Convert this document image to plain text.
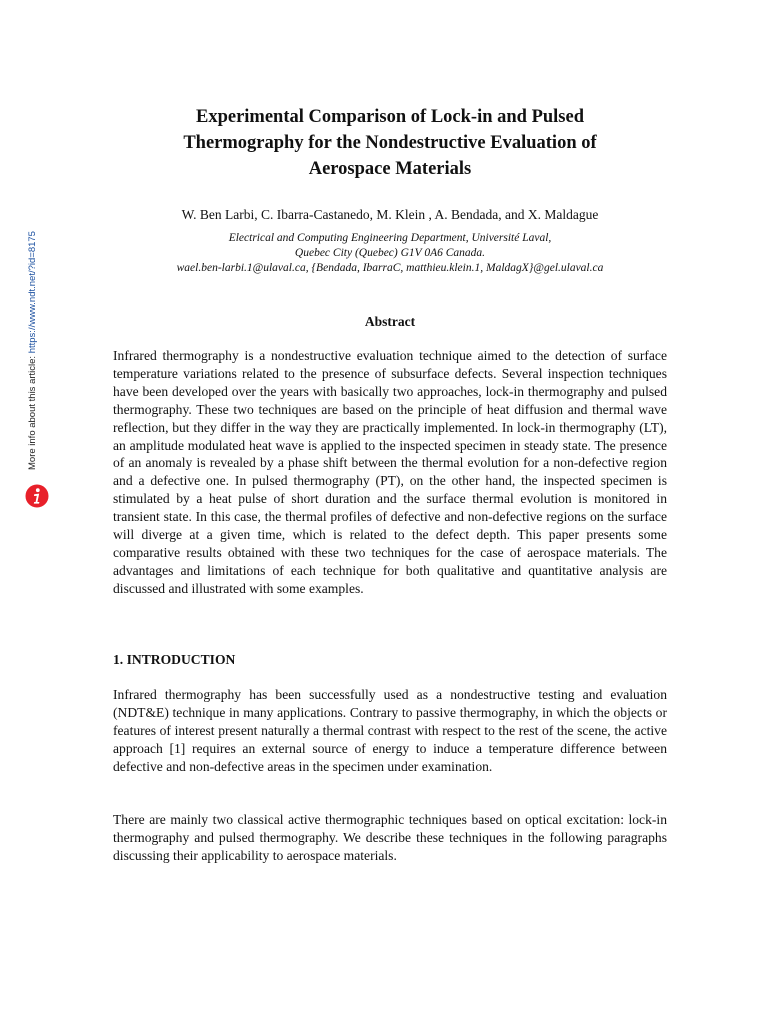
More info about this article: https://www.ndt.net/?id=8175
Experimental Comparison of Lock-in and Pulsed
Thermography for the Nondestructive Evaluation of
Aerospace Materials
W. Ben Larbi, C. Ibarra-Castanedo, M. Klein , A. Bendada, and X. Maldague
Electrical and Computing Engineering Department, Université Laval,
Quebec City (Quebec) G1V 0A6 Canada.
wael.ben-larbi.1@ulaval.ca, {Bendada, IbarraC, matthieu.klein.1, MaldagX}@gel.ulaval.ca
Abstract

Infrared thermography is a nondestructive evaluation technique aimed to the detection of surface temperature variations related to the presence of subsurface defects. Several inspection techniques have been developed over the years with basically two approaches, lock-in thermography and pulsed thermography. These two techniques are based on the principle of heat diffusion and thermal wave reflection, but they differ in the way they are practically implemented. In lock-in thermography (LT), an amplitude modulated heat wave is applied to the inspected specimen in steady state. The presence of an anomaly is revealed by a phase shift between the thermal evolution for a non-defective region and a defective one. In pulsed thermography (PT), on the other hand, the inspected specimen is stimulated by a heat pulse of short duration and the surface thermal evolution is monitored in transient state. In this case, the thermal profiles of defective and non-defective regions on the surface will diverge at a given time, which is related to the defect depth. This paper presents some comparative results obtained with these two techniques for the case of aerospace materials. The advantages and limitations of each technique for both qualitative and quantitative analysis are discussed and illustrated with some examples.

1. INTRODUCTION

Infrared thermography has been successfully used as a nondestructive testing and evaluation (NDT&E) technique in many applications. Contrary to passive thermography, in which the objects or features of interest present naturally a thermal contrast with respect to the rest of the scene, the active approach [1] requires an external source of energy to induce a temperature difference between defective and non-defective areas in the specimen under examination.

There are mainly two classical active thermographic techniques based on optical excitation: lock-in thermography and pulsed thermography. We describe these techniques in the following paragraphs discussing their applicability to aerospace materials.
